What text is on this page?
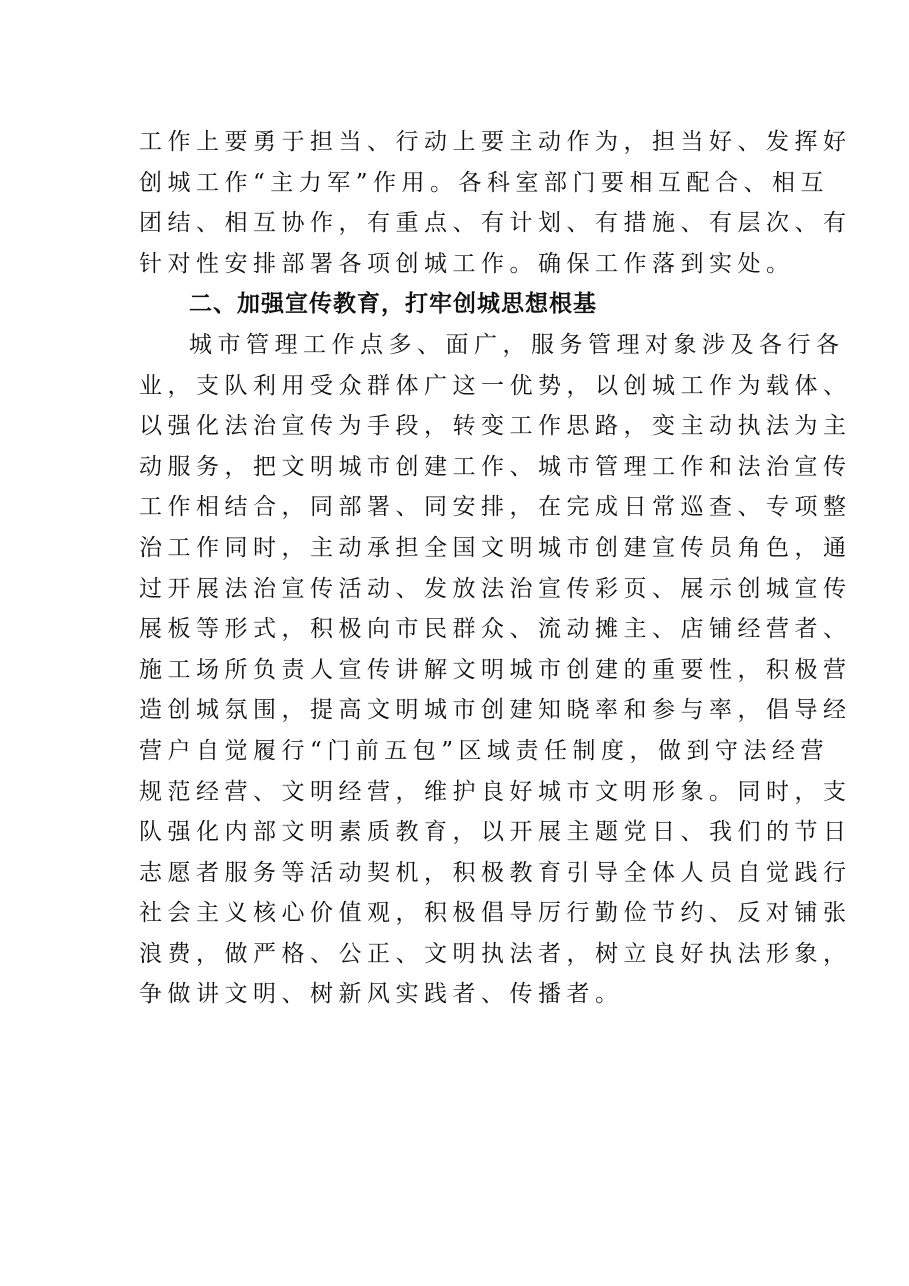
工作上要勇于担当、行动上要主动作为，担当好、发挥好
创城工作“主力军”作用。各科室部门要相互配合、相互
团结、相互协作，有重点、有计划、有措施、有层次、有
针对性安排部署各项创城工作。确保工作落到实处。
二、加强宣传教育，打牢创城思想根基
城市管理工作点多、面广，服务管理对象涉及各行各
业，支队利用受众群体广这一优势，以创城工作为载体、
以强化法治宣传为手段，转变工作思路，变主动执法为主
动服务，把文明城市创建工作、城市管理工作和法治宣传
工作相结合，同部署、同安排，在完成日常巡查、专项整
治工作同时，主动承担全国文明城市创建宣传员角色，通
过开展法治宣传活动、发放法治宣传彩页、展示创城宣传
展板等形式，积极向市民群众、流动摊主、店铺经营者、
施工场所负责人宣传讲解文明城市创建的重要性，积极营
造创城氛围，提高文明城市创建知晓率和参与率，倡导经
营户自觉履行“门前五包”区域责任制度，做到守法经营
规范经营、文明经营，维护良好城市文明形象。同时，支
队强化内部文明素质教育，以开展主题党日、我们的节日
志愿者服务等活动契机，积极教育引导全体人员自觉践行
社会主义核心价值观，积极倡导厉行勤俭节约、反对铺张
浪费，做严格、公正、文明执法者，树立良好执法形象，
争做讲文明、树新风实践者、传播者。
